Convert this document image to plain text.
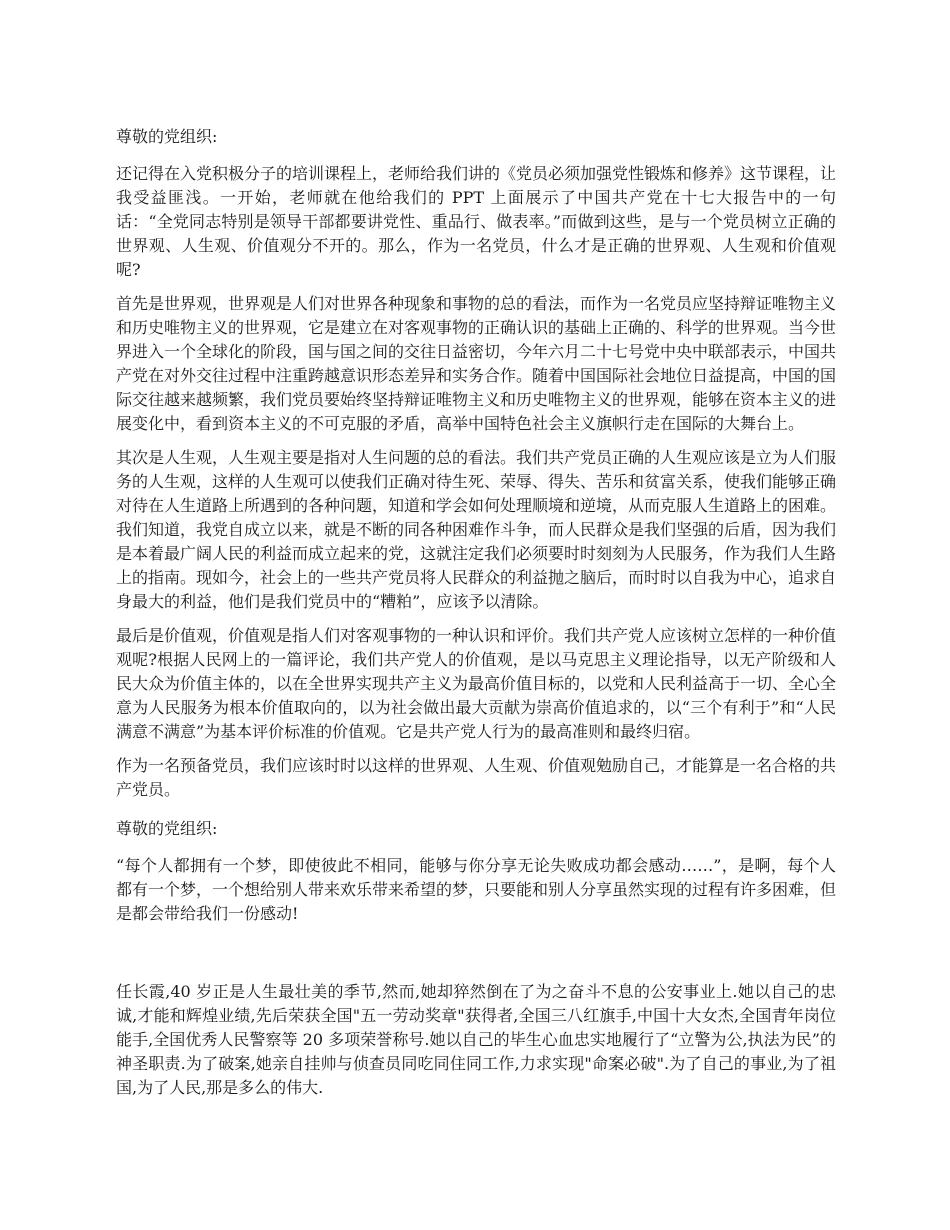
尊敬的党组织:

还记得在入党积极分子的培训课程上，老师给我们讲的《党员必须加强党性锻炼和修养》这节课程，让我受益匪浅。一开始，老师就在他给我们的 PPT 上面展示了中国共产党在十七大报告中的一句话：“全党同志特别是领导干部都要讲党性、重品行、做表率。”而做到这些，是与一个党员树立正确的世界观、人生观、价值观分不开的。那么，作为一名党员，什么才是正确的世界观、人生观和价值观呢?

首先是世界观，世界观是人们对世界各种现象和事物的总的看法，而作为一名党员应坚持辩证唯物主义和历史唯物主义的世界观，它是建立在对客观事物的正确认识的基础上正确的、科学的世界观。当今世界进入一个全球化的阶段，国与国之间的交往日益密切，今年六月二十七号党中央中联部表示，中国共产党在对外交往过程中注重跨越意识形态差异和实务合作。随着中国国际社会地位日益提高，中国的国际交往越来越频繁，我们党员要始终坚持辩证唯物主义和历史唯物主义的世界观，能够在资本主义的进展变化中，看到资本主义的不可克服的矛盾，高举中国特色社会主义旗帜行走在国际的大舞台上。

其次是人生观，人生观主要是指对人生问题的总的看法。我们共产党员正确的人生观应该是立为人们服务的人生观，这样的人生观可以使我们正确对待生死、荣辱、得失、苦乐和贫富关系，使我们能够正确对待在人生道路上所遇到的各种问题，知道和学会如何处理顺境和逆境，从而克服人生道路上的困难。我们知道，我党自成立以来，就是不断的同各种困难作斗争，而人民群众是我们坚强的后盾，因为我们是本着最广阔人民的利益而成立起来的党，这就注定我们必须要时时刻刻为人民服务，作为我们人生路上的指南。现如今，社会上的一些共产党员将人民群众的利益抛之脑后，而时时以自我为中心，追求自身最大的利益，他们是我们党员中的“糟粕”，应该予以清除。

最后是价值观，价值观是指人们对客观事物的一种认识和评价。我们共产党人应该树立怎样的一种价值观呢?根据人民网上的一篇评论，我们共产党人的价值观，是以马克思主义理论指导，以无产阶级和人民大众为价值主体的，以在全世界实现共产主义为最高价值目标的，以党和人民利益高于一切、全心全意为人民服务为根本价值取向的，以为社会做出最大贡献为崇高价值追求的，以“三个有利于”和“人民满意不满意”为基本评价标准的价值观。它是共产党人行为的最高准则和最终归宿。

作为一名预备党员，我们应该时时以这样的世界观、人生观、价值观勉励自己，才能算是一名合格的共产党员。

尊敬的党组织:

“每个人都拥有一个梦，即使彼此不相同，能够与你分享无论失败成功都会感动……”，是啊，每个人都有一个梦，一个想给别人带来欢乐带来希望的梦，只要能和别人分享虽然实现的过程有许多困难，但是都会带给我们一份感动!

任长霞,40 岁正是人生最壮美的季节,然而,她却猝然倒在了为之奋斗不息的公安事业上.她以自己的忠诚,才能和辉煌业绩,先后荣获全国"五一劳动奖章"获得者,全国三八红旗手,中国十大女杰,全国青年岗位能手,全国优秀人民警察等 20 多项荣誉称号.她以自己的毕生心血忠实地履行了“立警为公,执法为民”的神圣职责.为了破案,她亲自挂帅与侦查员同吃同住同工作,力求实现"命案必破".为了自己的事业,为了祖国,为了人民,那是多么的伟大.
